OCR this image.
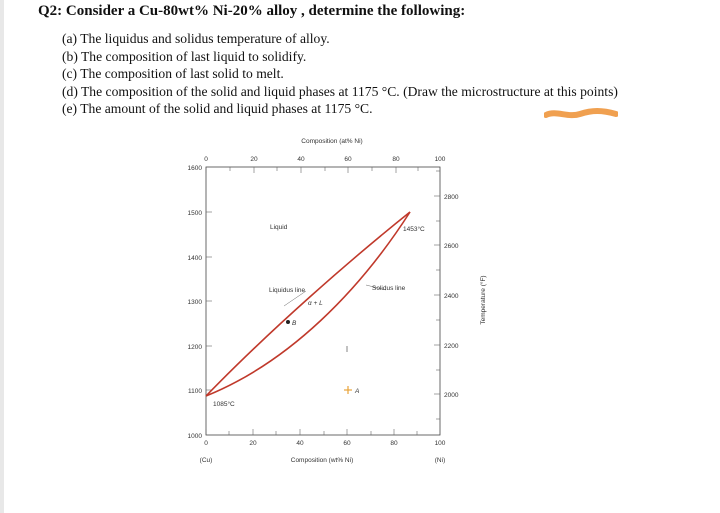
Q2: Consider a Cu-80wt% Ni-20% alloy , determine the following:
(a) The liquidus and solidus temperature of alloy.
(b) The composition of last liquid to solidify.
(c) The composition of last solid to melt.
(d) The composition of the solid and liquid phases at 1175 °C. (Draw the microstructure at this points)
(e) The amount of the solid and liquid phases at 1175 °C.
Composition (at% Ni)
0	20	40	60	80	100
1600
1500
1400
1300
1200
1100
1000
2800
2600
2400
2200
2000
Temperature (°F)
0	20	40	60	80	100
(Cu)	(Ni)
Composition (wt% Ni)
Liquid	1453°C
Liquidus line	Solidus line
α + L
1085°C
B
A
